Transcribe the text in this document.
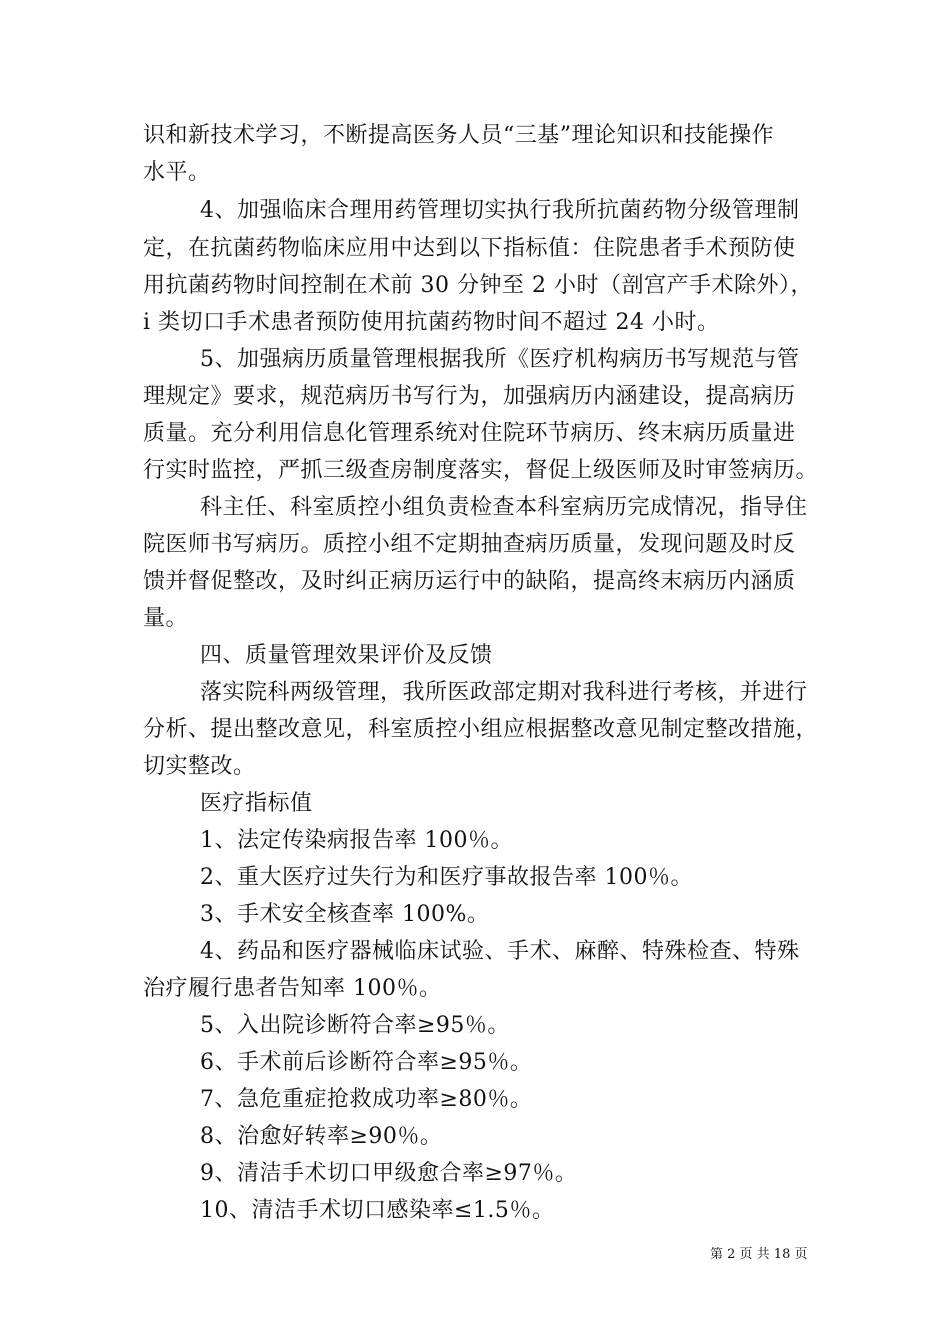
识和新技术学习，不断提高医务人员“三基”理论知识和技能操作
水平。
4、加强临床合理用药管理切实执行我所抗菌药物分级管理制
定，在抗菌药物临床应用中达到以下指标值：住院患者手术预防使
用抗菌药物时间控制在术前 30 分钟至 2 小时（剖宫产手术除外），
i 类切口手术患者预防使用抗菌药物时间不超过 24 小时。
5、加强病历质量管理根据我所《医疗机构病历书写规范与管
理规定》要求，规范病历书写行为，加强病历内涵建设，提高病历
质量。充分利用信息化管理系统对住院环节病历、终末病历质量进
行实时监控，严抓三级查房制度落实，督促上级医师及时审签病历。
科主任、科室质控小组负责检查本科室病历完成情况，指导住
院医师书写病历。质控小组不定期抽查病历质量，发现问题及时反
馈并督促整改，及时纠正病历运行中的缺陷，提高终末病历内涵质
量。
四、质量管理效果评价及反馈
落实院科两级管理，我所医政部定期对我科进行考核，并进行
分析、提出整改意见，科室质控小组应根据整改意见制定整改措施，
切实整改。
医疗指标值
1、法定传染病报告率 100％。
2、重大医疗过失行为和医疗事故报告率 100％。
3、手术安全核查率 100%。
4、药品和医疗器械临床试验、手术、麻醉、特殊检查、特殊
治疗履行患者告知率 100％。
5、入出院诊断符合率≥95％。
6、手术前后诊断符合率≥95％。
7、急危重症抢救成功率≥80％。
8、治愈好转率≥90％。
9、清洁手术切口甲级愈合率≥97％。
10、清洁手术切口感染率≤1.5％。
第 2 页 共 18 页
